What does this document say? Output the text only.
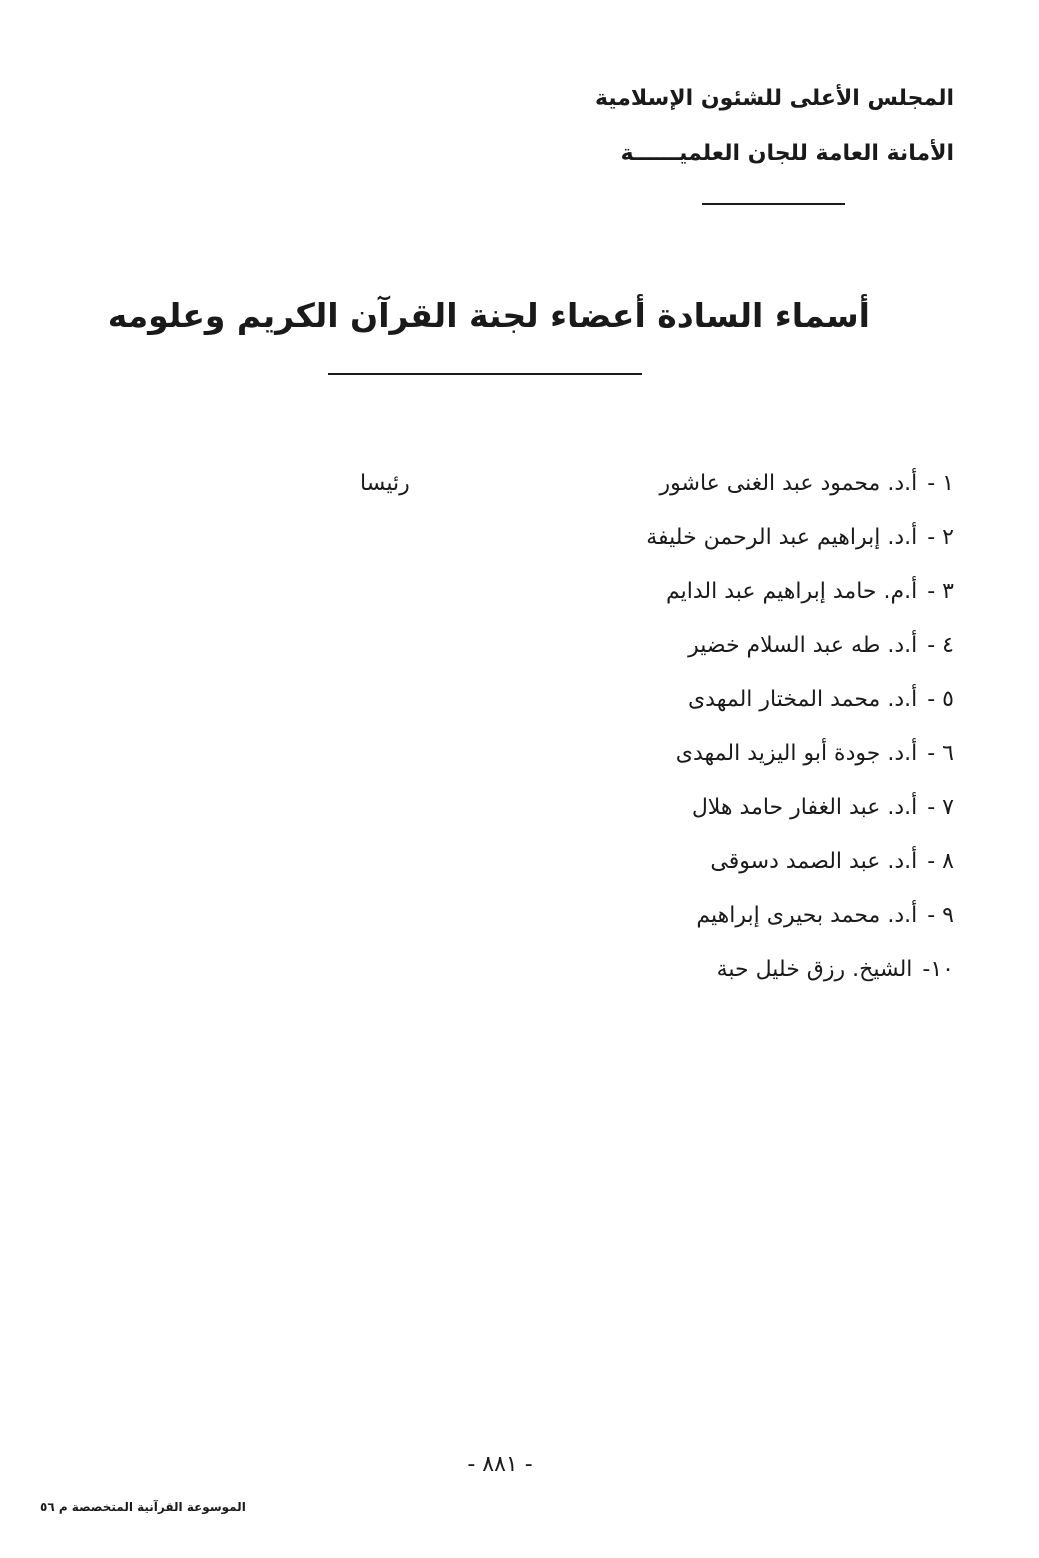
المجلس الأعلى للشئون الإسلامية
الأمانة العامة للجان العلميــــــة
أسماء السادة أعضاء لجنة القرآن الكريم وعلومه
١ -
أ.د. محمود عبد الغنى عاشور
رئيسا
٢ -
أ.د. إبراهيم عبد الرحمن خليفة
٣ -
أ.م. حامد إبراهيم عبد الدايم
٤ -
أ.د. طه عبد السلام خضير
٥ -
أ.د. محمد المختار المهدى
٦ -
أ.د. جودة أبو اليزيد المهدى
٧ -
أ.د. عبد الغفار حامد هلال
٨ -
أ.د. عبد الصمد دسوقى
٩ -
أ.د. محمد بحيرى إبراهيم
١٠-
الشيخ. رزق خليل حبة
- ٨٨١ -
الموسوعة القرآنية المتخصصة م ٥٦
